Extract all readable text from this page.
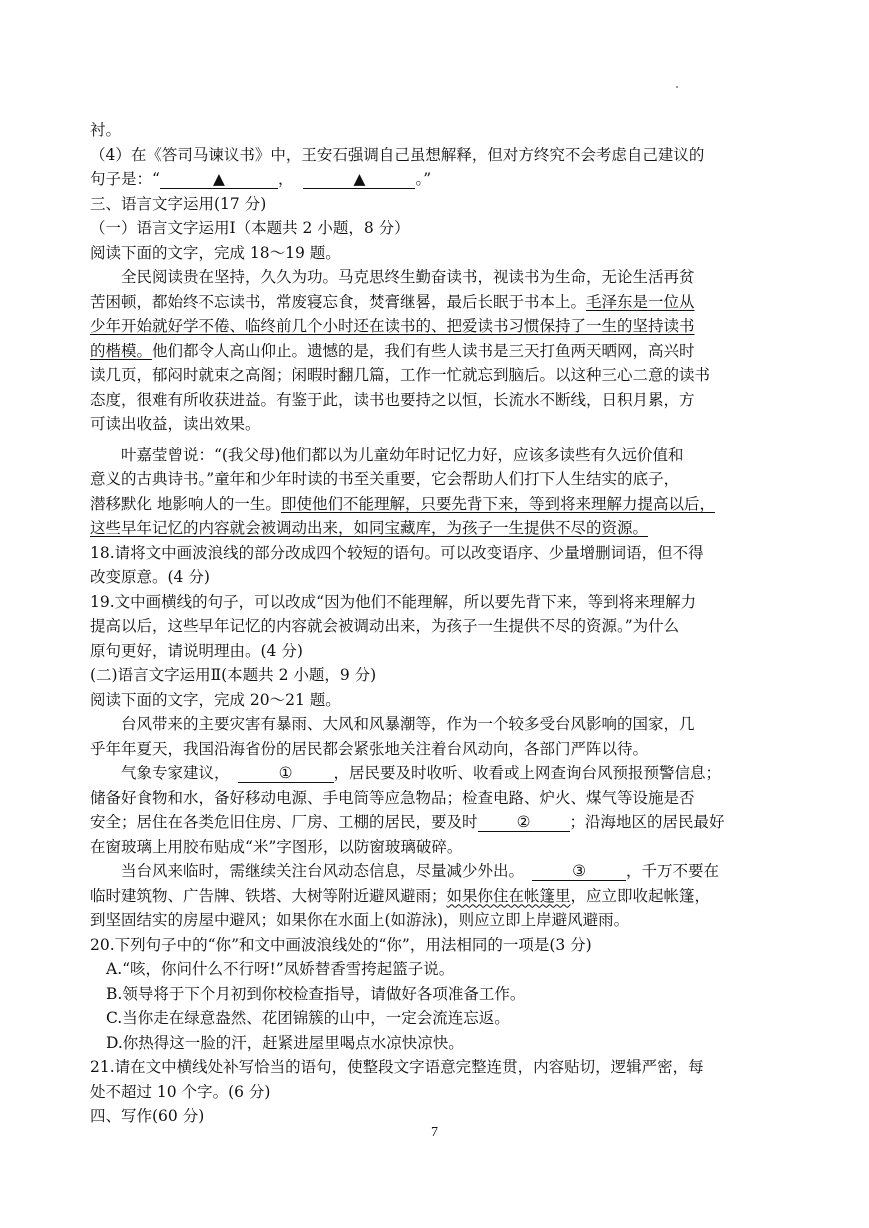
衬。
（4）在《答司马谏议书》中，王安石强调自己虽想解释，但对方终究不会考虑自己建议的
句子是：“	▲	，	▲	。”
三、语言文字运用(17 分)
（一）语言文字运用Ⅰ（本题共 2 小题，8 分）
阅读下面的文字，完成 18～19 题。
全民阅读贵在坚持，久久为功。马克思终生勤奋读书，视读书为生命，无论生活再贫
苦困顿，都始终不忘读书，常废寝忘食，焚膏继晷，最后长眠于书本上。毛泽东是一位从
少年开始就好学不倦、临终前几个小时还在读书的、把爱读书习惯保持了一生的坚持读书
的楷模。他们都令人高山仰止。遗憾的是，我们有些人读书是三天打鱼两天晒网，高兴时
读几页，郁闷时就束之高阁；闲暇时翻几篇，工作一忙就忘到脑后。以这种三心二意的读书
态度，很难有所收获进益。有鉴于此，读书也要持之以恒，长流水不断线，日积月累，方
可读出收益，读出效果。
叶嘉莹曾说：“(我父母)他们都以为儿童幼年时记忆力好，应该多读些有久远价值和
意义的古典诗书。”童年和少年时读的书至关重要，它会帮助人们打下人生结实的底子，
潜移默化 地影响人的一生。即使他们不能理解，只要先背下来，等到将来理解力提高以后，
这些早年记忆的内容就会被调动出来，如同宝藏库，为孩子一生提供不尽的资源。
18.请将文中画波浪线的部分改成四个较短的语句。可以改变语序、少量增删词语，但不得
改变原意。(4 分)
19.文中画横线的句子，可以改成“因为他们不能理解，所以要先背下来，等到将来理解力
提高以后，这些早年记忆的内容就会被调动出来，为孩子一生提供不尽的资源。”为什么
原句更好，请说明理由。(4 分)
(二)语言文字运用Ⅱ(本题共 2 小题，9 分)
阅读下面的文字，完成 20～21 题。
台风带来的主要灾害有暴雨、大风和风暴潮等，作为一个较多受台风影响的国家，几
乎年年夏天，我国沿海省份的居民都会紧张地关注着台风动向，各部门严阵以待。
气象专家建议，	①	，居民要及时收听、收看或上网查询台风预报预警信息；
储备好食物和水，备好移动电源、手电筒等应急物品；检查电路、炉火、煤气等设施是否
安全；居住在各类危旧住房、厂房、工棚的居民，要及时	②	；沿海地区的居民最好
在窗玻璃上用胶布贴成“米”字图形，以防窗玻璃破碎。
当台风来临时，需继续关注台风动态信息，尽量减少外出。	③	，千万不要在
临时建筑物、广告牌、铁塔、大树等附近避风避雨；如果你住在帐篷里，应立即收起帐篷，
到坚固结实的房屋中避风；如果你在水面上(如游泳)，则应立即上岸避风避雨。
20.下列句子中的“你”和文中画波浪线处的“你”，用法相同的一项是(3 分)
A.“咳，你问什么不行呀!”凤娇替香雪挎起篮子说。
B.领导将于下个月初到你校检查指导，请做好各项准备工作。
C.当你走在绿意盎然、花团锦簇的山中，一定会流连忘返。
D.你热得这一脸的汗，赶紧进屋里喝点水凉快凉快。
21.请在文中横线处补写恰当的语句，使整段文字语意完整连贯，内容贴切，逻辑严密，每
处不超过 10 个字。(6 分)
四、写作(60 分)
7
